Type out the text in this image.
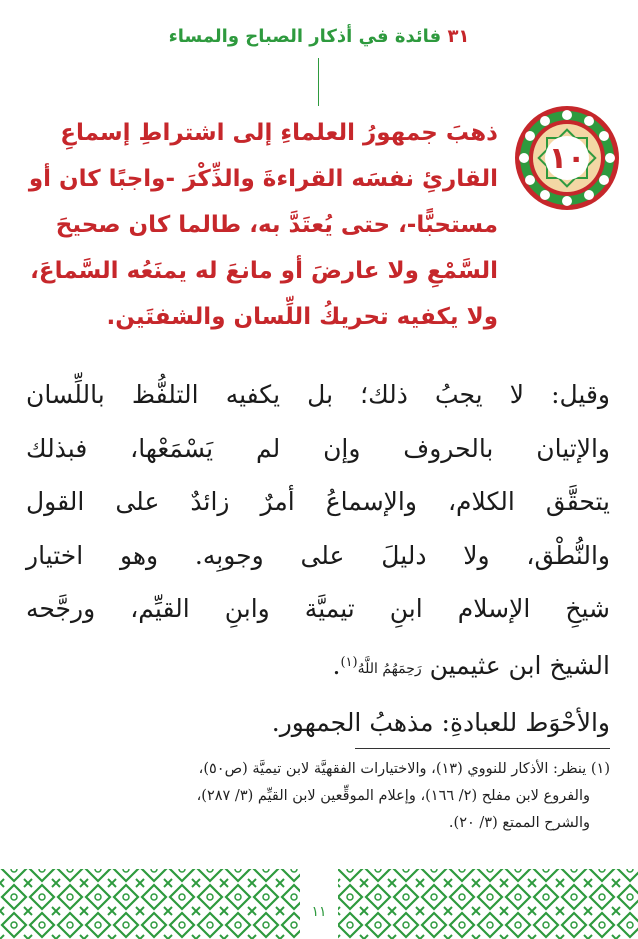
٣١ فائدة في أذكار الصباح والمساء
١٠
ذهبَ جمهورُ العلماءِ إلى اشتراطِ إسماعِ
القارئِ نفسَه القراءةَ والذِّكْرَ -واجبًا كان أو
مستحبًّا-، حتى يُعتَدَّ به، طالما كان صحيحَ
السَّمْعِ ولا عارضَ أو مانعَ له يمنَعُه السَّماعَ،
ولا يكفيه تحريكُ اللِّسان والشفتَين.
وقيل: لا يجبُ ذلك؛ بل يكفيه التلفُّظ باللِّسان
والإتيان بالحروف وإن لم يَسْمَعْها، فبذلك
يتحقَّق الكلام، والإسماعُ أمرٌ زائدٌ على القول
والنُّطْق، ولا دليلَ على وجوبِه. وهو اختيار
شيخِ الإسلام ابنِ تيميَّة وابنِ القيِّم، ورجَّحه
الشيخ ابن عثيمين رَحِمَهُمُ اللَّهُ$^{(١)}$.
والأحْوَط للعبادةِ: مذهبُ الجمهور.
(١) ينظر: الأذكار للنووي (١٣)، والاختيارات الفقهيَّة لابن تيميَّة (ص٥٠)،
والفروع لابن مفلح (٢/ ١٦٦)، وإعلام الموقِّعين لابن القيِّم (٣/ ٢٨٧)،
والشرح الممتع (٣/ ٢٠).
١١
